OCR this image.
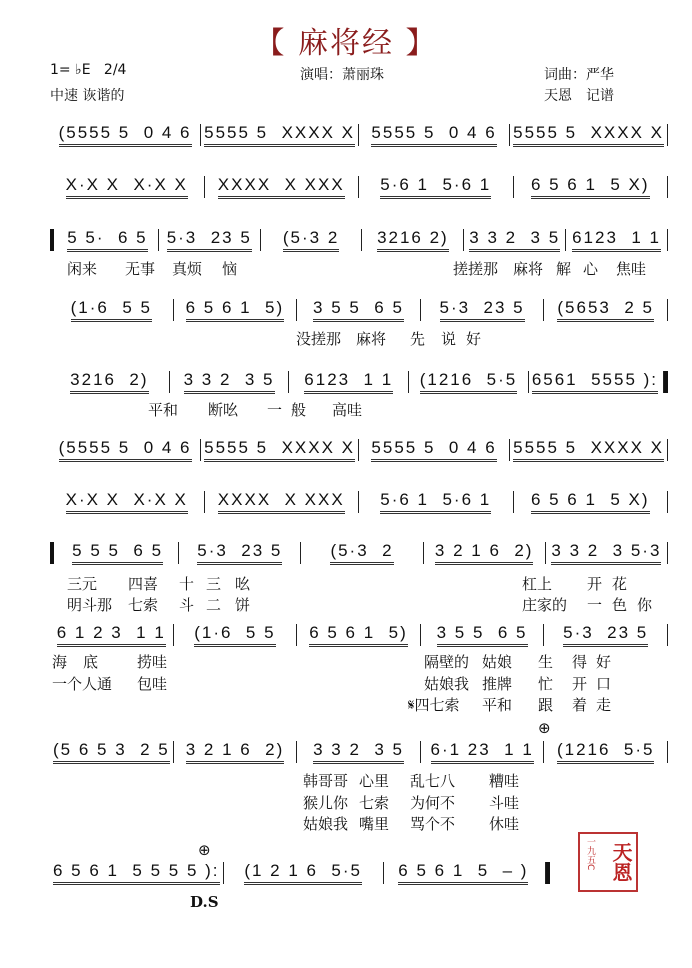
【 麻将经 】
1= ♭E 2/4
中速 诙谐的
演唱：萧丽珠	词曲：严华
天恩　记谱
(5555 5  0 4 6 5555 5  XXXX X 5555 5  0 4 6 5555 5  XXXX X
X·X X  X·X X XXXX  X XXX 5·6 1  5·6 1 6 5 6 1  5 X)
5 5·  6 5 5·3  23 5 (5·3 2 3216 2) 3 3 2  3 5 6123  1 1
(1·6  5 5 6 5 6 1  5) 3 5 5  6 5 5·3  23 5 (5653  2 5
3216  2) 3 3 2  3 5 6123  1 1 (1216  5·5 6561  5555 ):
(5555 5  0 4 6 5555 5  XXXX X 5555 5  0 4 6 5555 5  XXXX X
X·X X  X·X X XXXX  X XXX 5·6 1  5·6 1 6 5 6 1  5 X)
5 5 5  6 5 5·3  23 5	(5·3  2 3 2 1 6  2) 3 3 2  3 5·3
6 1 2 3  1 1 (1·6  5 5 6 5 6 1  5) 3 5 5  6 5 5·3  23 5
(5 6 5 3  2 5 3 2 1 6  2) 3 3 2  3 5 6·1 23  1 1 (1216  5·5
6 5 6 1  5 5 5 5 ): (1 2 1 6  5·5 6 5 6 1  5  – )
⊕
⊕
D.S
一九五C 天恩
闲来 无事 真烦 恼	搓搓那 麻将 解 心 焦哇
没搓那 麻将 先 说 好
平和 断吆 一 般 高哇
三元 四喜 十 三 吆	杠上 开 花
明斗那 七索 斗 二 饼	庄家的 一 色 你
海 底	捞哇	隔壁的 姑娘 生 得 好
一个人通 包哇	姑娘我 推牌 忙 开 口
𝄋四七索 平和 跟 着 走
韩哥哥 心里 乱七八 糟哇
猴儿你 七索 为何不 斗哇
姑娘我 嘴里 骂个不 休哇
